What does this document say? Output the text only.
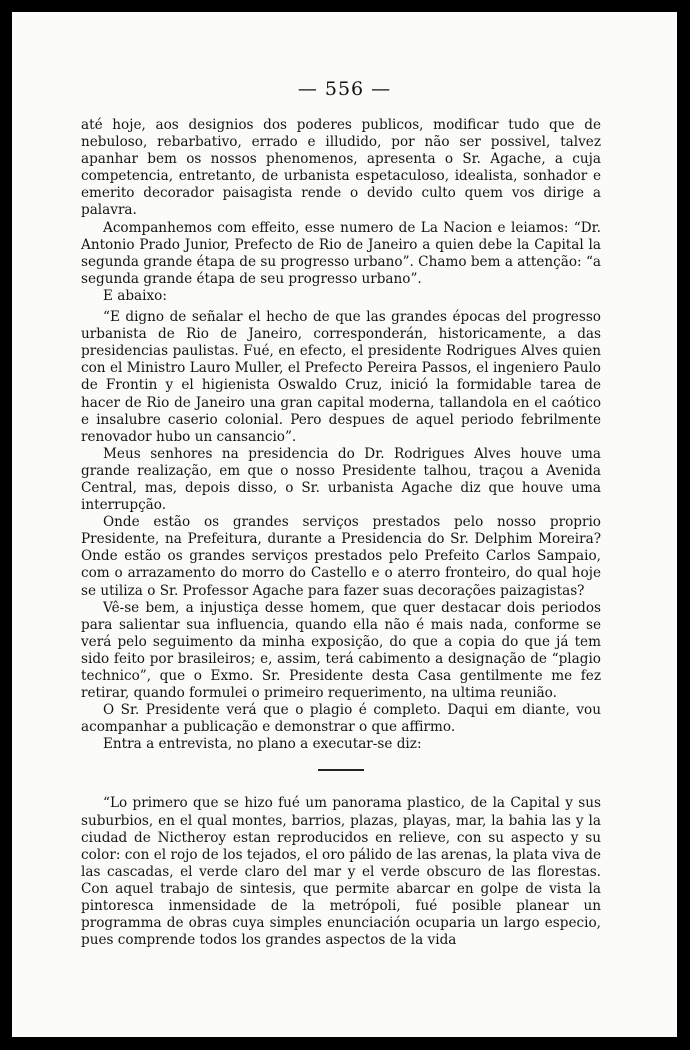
— 556 —

até hoje, aos designios dos poderes publicos, modificar tudo que de nebuloso, rebarbativo, errado e illudido, por não ser possivel, talvez apanhar bem os nossos phenomenos, apresenta o Sr. Agache, a cuja competencia, entretanto, de urbanista espetaculoso, idealista, sonhador e emerito decorador paisagista rende o devido culto quem vos dirige a palavra.

Acompanhemos com effeito, esse numero de La Nacion e leiamos: “Dr. Antonio Prado Junior, Prefecto de Rio de Janeiro a quien debe la Capital la segunda grande étapa de su progresso urbano”. Chamo bem a attenção: “a segunda grande étapa de seu progresso urbano”.

E abaixo:

“E digno de señalar el hecho de que las grandes épocas del progresso urbanista de Rio de Janeiro, corresponderán, historicamente, a das presidencias paulistas. Fué, en efecto, el presidente Rodrigues Alves quien con el Ministro Lauro Muller, el Prefecto Pereira Passos, el ingeniero Paulo de Frontin y el higienista Oswaldo Cruz, inició la formidable tarea de hacer de Rio de Janeiro una gran capital moderna, tallandola en el caótico e insalubre caserio colonial. Pero despues de aquel periodo febrilmente renovador hubo un cansancio”.

Meus senhores na presidencia do Dr. Rodrigues Alves houve uma grande realização, em que o nosso Presidente talhou, traçou a Avenida Central, mas, depois disso, o Sr. urbanista Agache diz que houve uma interrupção.

Onde estão os grandes serviços prestados pelo nosso proprio Presidente, na Prefeitura, durante a Presidencia do Sr. Delphim Moreira? Onde estão os grandes serviços prestados pelo Prefeito Carlos Sampaio, com o arrazamento do morro do Castello e o aterro fronteiro, do qual hoje se utiliza o Sr. Professor Agache para fazer suas decorações paizagistas?

Vê-se bem, a injustiça desse homem, que quer destacar dois periodos para salientar sua influencia, quando ella não é mais nada, conforme se verá pelo seguimento da minha exposição, do que a copia do que já tem sido feito por brasileiros; e, assim, terá cabimento a designação de “plagio technico”, que o Exmo. Sr. Presidente desta Casa gentilmente me fez retirar, quando formulei o primeiro requerimento, na ultima reunião.

O Sr. Presidente verá que o plagio é completo. Daqui em diante, vou acompanhar a publicação e demonstrar o que affirmo.

Entra a entrevista, no plano a executar-se diz:

“Lo primero que se hizo fué um panorama plastico, de la Capital y sus suburbios, en el qual montes, barrios, plazas, playas, mar, la bahia las y la ciudad de Nictheroy estan reproducidos en relieve, con su aspecto y su color: con el rojo de los tejados, el oro pálido de las arenas, la plata viva de las cascadas, el verde claro del mar y el verde obscuro de las florestas. Con aquel trabajo de sintesis, que permite abarcar en golpe de vista la pintoresca inmensidade de la metrópoli, fué posible planear un programma de obras cuya simples enunciación ocuparia un largo especio, pues comprende todos los grandes aspectos de la vida
